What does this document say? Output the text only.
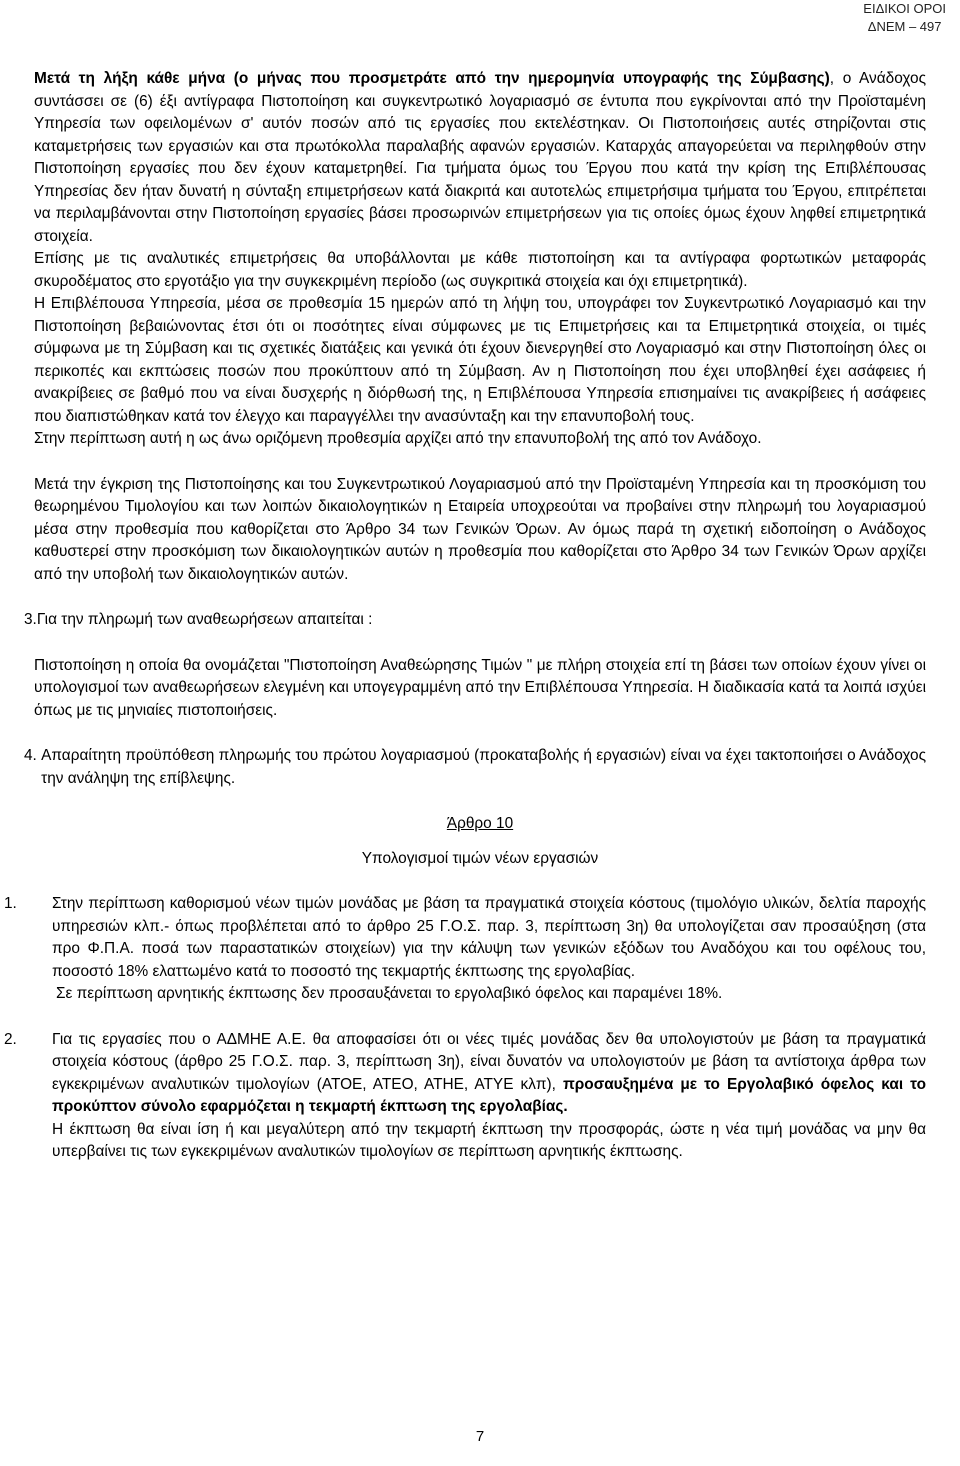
ΕΙΔΙΚΟΙ ΟΡΟΙ
ΔΝΕΜ – 497

Μετά τη λήξη κάθε μήνα (ο μήνας που προσμετράτε από την ημερομηνία υπογραφής της Σύμβασης), ο Ανάδοχος συντάσσει σε (6) έξι αντίγραφα Πιστοποίηση και συγκεντρωτικό λογαριασμό σε έντυπα που εγκρίνονται από την Προϊσταμένη Υπηρεσία των οφειλομένων σ' αυτόν ποσών από τις εργασίες που εκτελέστηκαν. Οι Πιστοποιήσεις αυτές στηρίζονται στις καταμετρήσεις των εργασιών και στα πρωτόκολλα παραλαβής αφανών εργασιών. Καταρχάς απαγορεύεται να περιληφθούν στην Πιστοποίηση εργασίες που δεν έχουν καταμετρηθεί. Για τμήματα όμως του Έργου που κατά την κρίση της Επιβλέπουσας Υπηρεσίας δεν ήταν δυνατή η σύνταξη επιμετρήσεων κατά διακριτά και αυτοτελώς επιμετρήσιμα τμήματα του Έργου, επιτρέπεται να περιλαμβάνονται στην Πιστοποίηση εργασίες βάσει προσωρινών επιμετρήσεων για τις οποίες όμως έχουν ληφθεί επιμετρητικά στοιχεία.

Επίσης με τις αναλυτικές επιμετρήσεις θα υποβάλλονται με κάθε πιστοποίηση και τα αντίγραφα φορτωτικών μεταφοράς σκυροδέματος στο εργοτάξιο για την συγκεκριμένη περίοδο (ως συγκριτικά στοιχεία και όχι επιμετρητικά).

Η Επιβλέπουσα Υπηρεσία, μέσα σε προθεσμία 15 ημερών από τη λήψη του, υπογράφει τον Συγκεντρωτικό Λογαριασμό και την Πιστοποίηση βεβαιώνοντας έτσι ότι οι ποσότητες είναι σύμφωνες με τις Επιμετρήσεις και τα Επιμετρητικά στοιχεία, οι τιμές σύμφωνα με τη Σύμβαση και τις σχετικές διατάξεις και γενικά ότι έχουν διενεργηθεί στο Λογαριασμό και στην Πιστοποίηση όλες οι περικοπές και εκπτώσεις ποσών που προκύπτουν από τη Σύμβαση. Αν η Πιστοποίηση που έχει υποβληθεί έχει ασάφειες ή ανακρίβειες σε βαθμό που να είναι δυσχερής η διόρθωσή της, η Επιβλέπουσα Υπηρεσία επισημαίνει τις ανακρίβειες ή ασάφειες που διαπιστώθηκαν κατά τον έλεγχο και παραγγέλλει την ανασύνταξη και την επανυποβολή τους.

Στην περίπτωση αυτή η ως άνω οριζόμενη προθεσμία αρχίζει από την επανυποβολή της από τον Ανάδοχο.

Μετά την έγκριση της Πιστοποίησης και του Συγκεντρωτικού Λογαριασμού από την Προϊσταμένη Υπηρεσία και τη προσκόμιση του θεωρημένου Τιμολογίου και των λοιπών δικαιολογητικών η Εταιρεία υποχρεούται να προβαίνει στην πληρωμή του λογαριασμού μέσα στην προθεσμία που καθορίζεται στο Άρθρο 34 των Γενικών Όρων. Αν όμως παρά τη σχετική ειδοποίηση ο Ανάδοχος καθυστερεί στην προσκόμιση των δικαιολογητικών αυτών η προθεσμία που καθορίζεται στο Άρθρο 34 των Γενικών Όρων αρχίζει από την υποβολή των δικαιολογητικών αυτών.

3. Για την πληρωμή των αναθεωρήσεων απαιτείται :

Πιστοποίηση η οποία θα ονομάζεται "Πιστοποίηση Αναθεώρησης Τιμών " με πλήρη στοιχεία επί τη βάσει των οποίων έχουν γίνει οι υπολογισμοί των αναθεωρήσεων ελεγμένη και υπογεγραμμένη από την Επιβλέπουσα Υπηρεσία. Η διαδικασία κατά τα λοιπά ισχύει όπως με τις μηνιαίες πιστοποιήσεις.

4. Απαραίτητη προϋπόθεση πληρωμής του πρώτου λογαριασμού (προκαταβολής ή εργασιών) είναι να έχει τακτοποιήσει ο Ανάδοχος την ανάληψη της επίβλεψης.
Άρθρο 10
Υπολογισμοί τιμών νέων εργασιών
1.	Στην περίπτωση καθορισμού νέων τιμών μονάδας με βάση τα πραγματικά στοιχεία κόστους (τιμολόγιο υλικών, δελτία παροχής υπηρεσιών κλπ.- όπως προβλέπεται από το άρθρο 25 Γ.Ο.Σ. παρ. 3, περίπτωση 3η) θα υπολογίζεται σαν προσαύξηση (στα προ Φ.Π.Α. ποσά των παραστατικών στοιχείων) για την κάλυψη των γενικών εξόδων του Αναδόχου και του οφέλους του, ποσοστό 18% ελαττωμένο κατά το ποσοστό της τεκμαρτής έκπτωσης της εργολαβίας.

Σε περίπτωση αρνητικής έκπτωσης δεν προσαυξάνεται το εργολαβικό όφελος και παραμένει 18%.

2.	Για τις εργασίες που ο ΑΔΜΗΕ Α.Ε. θα αποφασίσει ότι οι νέες τιμές μονάδας δεν θα υπολογιστούν με βάση τα πραγματικά στοιχεία κόστους (άρθρο 25 Γ.Ο.Σ. παρ. 3, περίπτωση 3η), είναι δυνατόν να υπολογιστούν με βάση τα αντίστοιχα άρθρα των εγκεκριμένων αναλυτικών τιμολογίων (ΑΤΟΕ, ΑΤΕΟ, ΑΤΗΕ, ΑΤΥΕ κλπ), προσαυξημένα με το Εργολαβικό όφελος και το προκύπτον σύνολο εφαρμόζεται η τεκμαρτή έκπτωση της εργολαβίας.

Η έκπτωση θα είναι ίση ή και μεγαλύτερη από την τεκμαρτή έκπτωση την προσφοράς, ώστε η νέα τιμή μονάδας να μην θα υπερβαίνει τις των εγκεκριμένων αναλυτικών τιμολογίων σε περίπτωση αρνητικής έκπτωσης.

7
